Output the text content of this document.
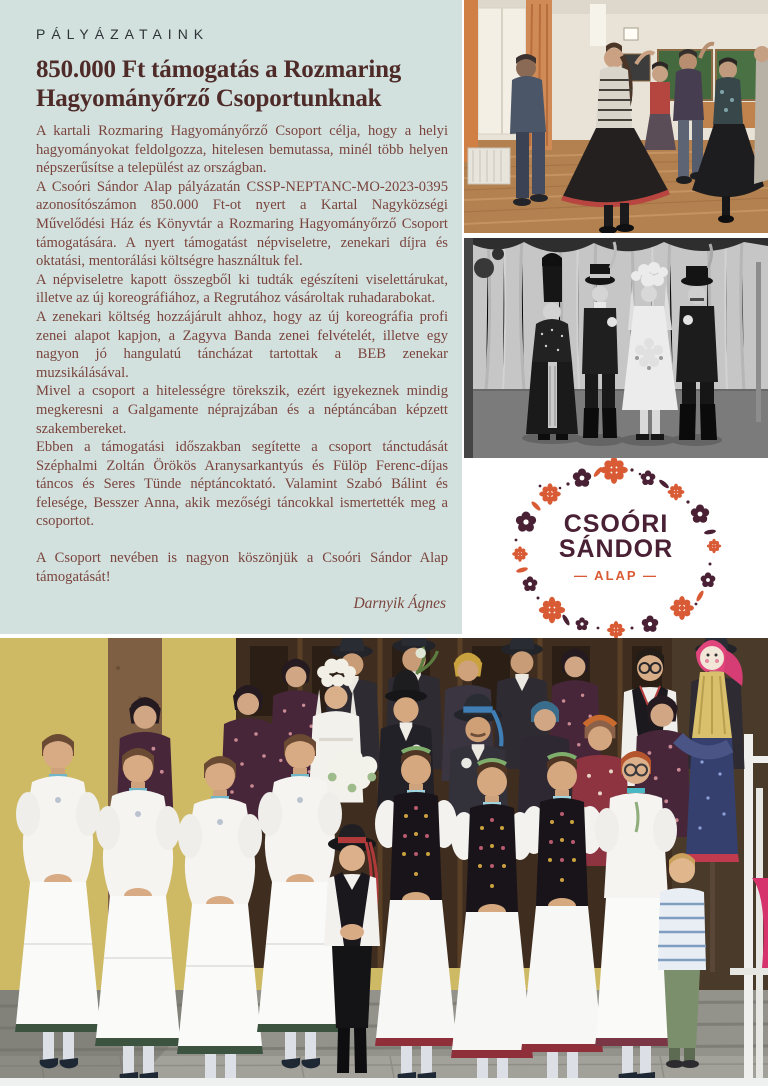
PÁLYÁZATAINK
850.000 Ft támogatás a Rozmaring Hagyományőrző Csoportunknak

A kartali Rozmaring Hagyományőrző Csoport célja, hogy a helyi hagyományokat feldolgozza, hitelesen bemutassa, minél több helyen népszerűsítse a települést az országban.

A Csoóri Sándor Alap pályázatán CSSP-NEPTANC-MO-2023-0395 azonosítószámon 850.000 Ft-ot nyert a Kartal Nagyközségi Művelődési Ház és Könyvtár a Rozmaring Hagyományőrző Csoport támogatására. A nyert támogatást népviseletre, zenekari díjra és oktatási, mentorálási költségre használtuk fel.

A népviseletre kapott összegből ki tudták egészíteni viselettárukat, illetve az új koreográfiához, a Regrutához vásároltak ruhadarabokat.

A zenekari költség hozzájárult ahhoz, hogy az új koreográfia profi zenei alapot kapjon, a Zagyva Banda zenei felvételét, illetve egy nagyon jó hangulatú táncházat tartottak a BEB zenekar muzsikálásával.

Mivel a csoport a hitelességre törekszik, ezért igyekeznek mindig megkeresni a Galgamente néprajzában és a néptáncában képzett szakembereket.

Ebben a támogatási időszakban segítette a csoport tánctudását Széphalmi Zoltán Örökös Aranysarkantyús és Fülöp Ferenc-díjas táncos és Seres Tünde néptáncoktató. Valamint Szabó Bálint és felesége, Besszer Anna, akik mezőségi táncokkal ismertették meg a csoportot.

A Csoport nevében is nagyon köszönjük a Csoóri Sándor Alap támogatását!

Darnyik Ágnes
CSOÓRI
SÁNDOR
— ALAP —
